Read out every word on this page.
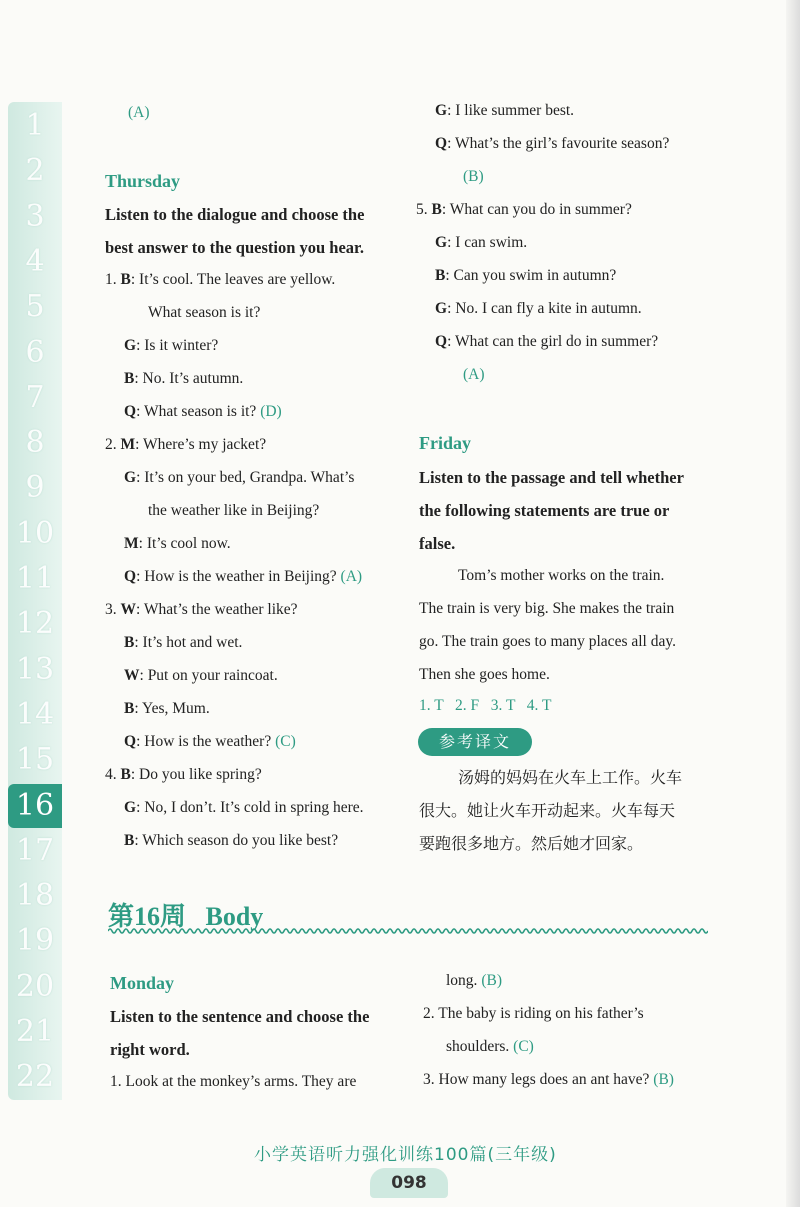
1
2
3
4
5
6
7
8
9
10
11
12
13
14
15
16
17
18
19
20
21
22
(A)
Thursday
Listen to the dialogue and choose the
best answer to the question you hear.
1. B: It’s cool. The leaves are yellow.
What season is it?
G: Is it winter?
B: No. It’s autumn.
Q: What season is it? (D)
2. M: Where’s my jacket?
G: It’s on your bed, Grandpa. What’s
the weather like in Beijing?
M: It’s cool now.
Q: How is the weather in Beijing? (A)
3. W: What’s the weather like?
B: It’s hot and wet.
W: Put on your raincoat.
B: Yes, Mum.
Q: How is the weather? (C)
4. B: Do you like spring?
G: No, I don’t. It’s cold in spring here.
B: Which season do you like best?
G: I like summer best.
Q: What’s the girl’s favourite season?
(B)
5. B: What can you do in summer?
G: I can swim.
B: Can you swim in autumn?
G: No. I can fly a kite in autumn.
Q: What can the girl do in summer?
(A)
Friday
Listen to the passage and tell whether
the following statements are true or
false.
Tom’s mother works on the train.
The train is very big. She makes the train
go. The train goes to many places all day.
Then she goes home.
1. T   2. F   3. T   4. T
参考译文
汤姆的妈妈在火车上工作。火车
很大。她让火车开动起来。火车每天
要跑很多地方。然后她才回家。
第16周   Body
Monday
Listen to the sentence and choose the
right word.
1. Look at the monkey’s arms. They are
long. (B)
2. The baby is riding on his father’s
shoulders. (C)
3. How many legs does an ant have? (B)
小学英语听力强化训练100篇(三年级)
098
